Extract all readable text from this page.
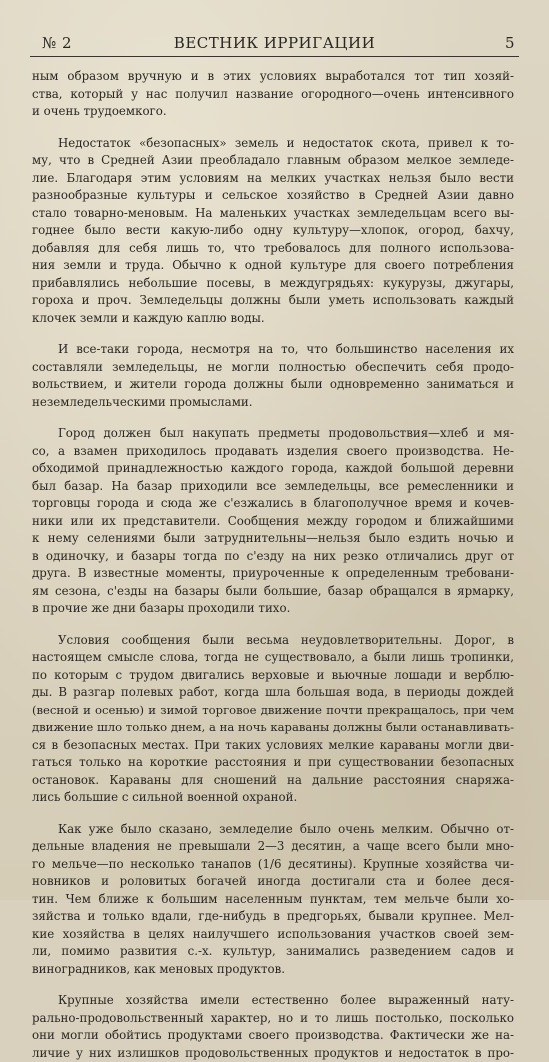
№ 2	ВЕСТНИК ИРРИГАЦИИ	5
ным образом вручную и в этих условиях выработался тот тип хозяй-
ства, который у нас получил название огородного—очень интенсивного
и очень трудоемкого.
Недостаток «безопасных» земель и недостаток скота, привел к то-
му, что в Средней Азии преобладало главным образом мелкое земледе-
лие. Благодаря этим условиям на мелких участках нельзя было вести
разнообразные культуры и сельское хозяйство в Средней Азии давно
стало товарно-меновым. На маленьких участках земледельцам всего вы-
годнее было вести какую-либо одну культуру—хлопок, огород, бахчу,
добавляя для себя лишь то, что требовалось для полного использова-
ния земли и труда. Обычно к одной культуре для своего потребления
прибавлялись небольшие посевы, в междугрядьях: кукурузы, джугары,
гороха и проч. Земледельцы должны были уметь использовать каждый
клочек земли и каждую каплю воды.
И все-таки города, несмотря на то, что большинство населения их
составляли земледельцы, не могли полностью обеспечить себя продо-
вольствием, и жители города должны были одновременно заниматься и
неземледельческими промыслами.
Город должен был накупать предметы продовольствия—хлеб и мя-
со, а взамен приходилось продавать изделия своего производства. Не-
обходимой принадлежностью каждого города, каждой большой деревни
был базар. На базар приходили все земледельцы, все ремесленники и
торговцы города и сюда же с'езжались в благополучное время и кочев-
ники или их представители. Сообщения между городом и ближайшими
к нему селениями были затруднительны—нельзя было ездить ночью и
в одиночку, и базары тогда по с'езду на них резко отличались друг от
друга. В известные моменты, приуроченные к определенным требовани-
ям сезона, с'езды на базары были большие, базар обращался в ярмарку,
в прочие же дни базары проходили тихо.
Условия сообщения были весьма неудовлетворительны. Дорог, в
настоящем смысле слова, тогда не существовало, а были лишь тропинки,
по которым с трудом двигались верховые и вьючные лошади и верблю-
ды. В разгар полевых работ, когда шла большая вода, в периоды дождей
(весной и осенью) и зимой торговое движение почти прекращалось, при чем
движение шло только днем, а на ночь караваны должны были останавливать-
ся в безопасных местах. При таких условиях мелкие караваны могли дви-
гаться только на короткие расстояния и при существовании безопасных
остановок. Караваны для сношений на дальние расстояния снаряжа-
лись большие с сильной военной охраной.
Как уже было сказано, земледелие было очень мелким. Обычно от-
дельные владения не превышали 2—3 десятин, а чаще всего были мно-
го мельче—по несколько танапов (1/6 десятины). Крупные хозяйства чи-
новников и роловитых богачей иногда достигали ста и более деся-
тин. Чем ближе к большим населенным пунктам, тем мельче были хо-
зяйства и только вдали, где-нибудь в предгорьях, бывали крупнее. Мел-
кие хозяйства в целях наилучшего использования участков своей зем-
ли, помимо развития с.-х. культур, занимались разведением садов и
виноградников, как меновых продуктов.
Крупные хозяйства имели естественно более выраженный нату-
рально-продовольственный характер, но и то лишь постолько, посколько
они могли обойтись продуктами своего производства. Фактически же на-
личие у них излишков продовольственных продуктов и недостаток в про-
